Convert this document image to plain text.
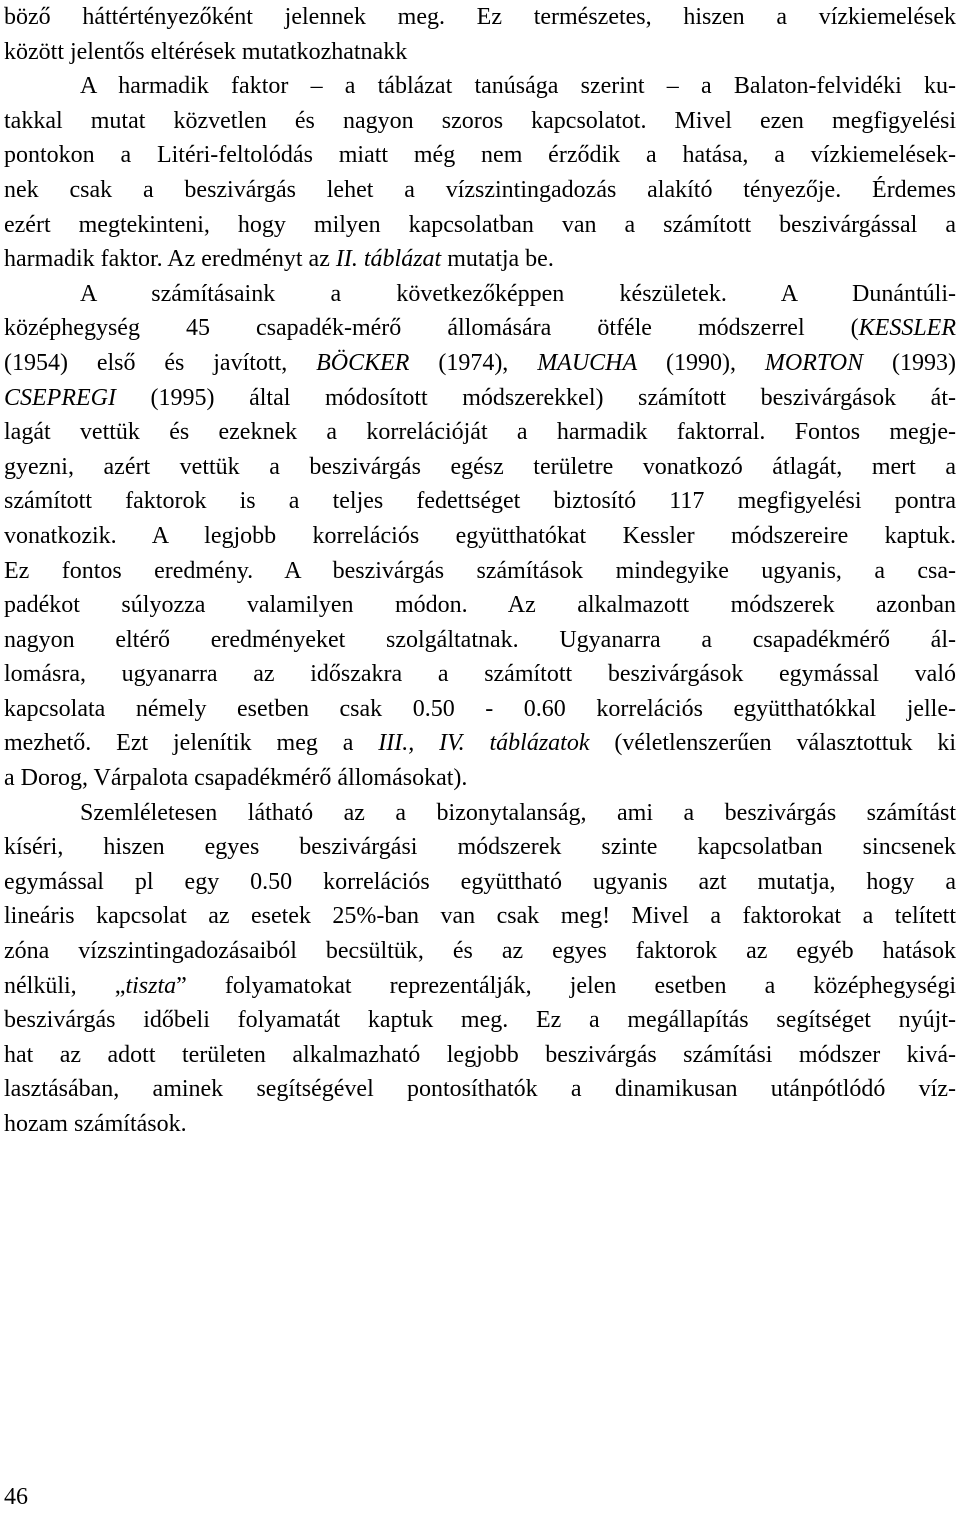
böző háttértényezőként jelennek meg. Ez természetes, hiszen a vízkiemelések
között jelentős eltérések mutatkozhatnakk
A harmadik faktor – a táblázat tanúsága szerint – a Balaton-felvidéki ku-
takkal mutat közvetlen és nagyon szoros kapcsolatot. Mivel ezen megfigyelési
pontokon a Litéri-feltolódás miatt még nem érződik a hatása, a vízkiemelések-
nek csak a beszivárgás lehet a vízszintingadozás alakító tényezője. Érdemes
ezért megtekinteni, hogy milyen kapcsolatban van a számított beszivárgással a
harmadik faktor. Az eredményt az II. táblázat mutatja be.
A számításaink a következőképpen készületek. A Dunántúli-
középhegység 45 csapadék-mérő állomására ötféle módszerrel (KESSLER
(1954) első és javított, BÖCKER (1974), MAUCHA (1990), MORTON (1993)
CSEPREGI (1995) által módosított módszerekkel) számított beszivárgások át-
lagát vettük és ezeknek a korrelációját a harmadik faktorral. Fontos megje-
gyezni, azért vettük a beszivárgás egész területre vonatkozó átlagát, mert a
számított faktorok is a teljes fedettséget biztosító 117 megfigyelési pontra
vonatkozik. A legjobb korrelációs együtthatókat Kessler módszereire kaptuk.
Ez fontos eredmény. A beszivárgás számítások mindegyike ugyanis, a csa-
padékot súlyozza valamilyen módon. Az alkalmazott módszerek azonban
nagyon eltérő eredményeket szolgáltatnak. Ugyanarra a csapadékmérő ál-
lomásra, ugyanarra az időszakra a számított beszivárgások egymással való
kapcsolata némely esetben csak 0.50 - 0.60 korrelációs együtthatókkal jelle-
mezhető. Ezt jelenítik meg a III., IV. táblázatok (véletlenszerűen választottuk ki
a Dorog, Várpalota csapadékmérő állomásokat).
Szemléletesen látható az a bizonytalanság, ami a beszivárgás számítást
kíséri, hiszen egyes beszivárgási módszerek szinte kapcsolatban sincsenek
egymással pl egy 0.50 korrelációs együttható ugyanis azt mutatja, hogy a
lineáris kapcsolat az esetek 25%-ban van csak meg! Mivel a faktorokat a telített
zóna vízszintingadozásaiból becsültük, és az egyes faktorok az egyéb hatások
nélküli, „tiszta” folyamatokat reprezentálják, jelen esetben a középhegységi
beszivárgás időbeli folyamatát kaptuk meg. Ez a megállapítás segítséget nyújt-
hat az adott területen alkalmazható legjobb beszivárgás számítási módszer kivá-
lasztásában, aminek segítségével pontosíthatók a dinamikusan utánpótlódó víz-
hozam számítások.
46
